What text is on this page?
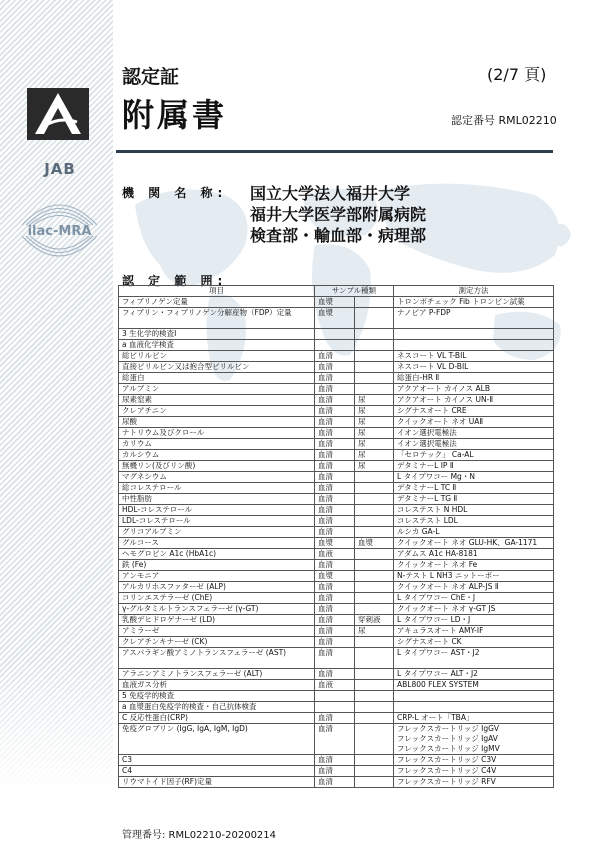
JAB
ilac-MRA
認定証	(2/7 頁)
附属書	認定番号 RML02210
機 関 名 称: 国立大学法人福井大学
福井大学医学部附属病院
検査部・輸血部・病理部
認 定 範 囲:
項目	サンプル種類		測定方法
フィブリノゲン定量	血漿		トロンボチェック Fib トロンビン試薬
フィブリン・フィブリノゲン分解産物（FDP）定量	血漿		ナノピア P-FDP
3 生化学的検査Ⅰ			
a 血液化学検査			
総ビリルビン	血清		ネスコート VL T-BIL
直接ビリルビン又は抱合型ビリルビン	血清		ネスコート VL D-BIL
総蛋白	血清		総蛋白-HR Ⅱ
アルブミン	血清		アクアオート カイノス ALB
尿素窒素	血清	尿	アクアオート カイノス UN-Ⅱ
クレアチニン	血清	尿	シグナスオート CRE
尿酸	血清	尿	クイックオート ネオ UAⅡ
ナトリウム及びクロール	血清	尿	イオン選択電極法
カリウム	血清	尿	イオン選択電極法
カルシウム	血清	尿	「セロテック」 Ca-AL
無機リン(及びリン酸)	血清	尿	デタミナーL IP Ⅱ
マグネシウム	血清		L タイプワコー Mg・N
総コレステロール	血清		デタミナーL TC Ⅱ
中性脂肪	血清		デタミナーL TG Ⅱ
HDL-コレステロール	血清		コレステスト N HDL
LDL-コレステロール	血清		コレステスト LDL
グリコアルブミン	血清		ルシカ GA-L
グルコース	血漿	血漿	クイックオート ネオ GLU-HK、GA-1171
ヘモグロビン A1c (HbA1c)	血液		アダムス A1c HA-8181
鉄 (Fe)	血清		クイックオート ネオ Fe
アンモニア	血漿		N-テスト L NH3 ニットーボー
アルカリホスファターゼ (ALP)	血清		クイックオート ネオ ALP-JS Ⅱ
コリンエステラーゼ (ChE)	血清		L タイプワコー ChE・J
γ-グルタミルトランスフェラーゼ (γ-GT)	血清		クイックオート ネオ γ-GT JS
乳酸デヒドロゲナーゼ (LD)	血清	穿刺液	L タイプワコー LD・J
アミラーゼ	血清	尿	アキュラスオート AMY-IF
クレアチンキナーゼ (CK)	血清		シグナスオート CK
アスパラギン酸アミノトランスフェラーゼ (AST)	血清		L タイプワコー AST・J2
アラニンアミノトランスフェラーゼ (ALT)	血清		L タイプワコー ALT・J2
血液ガス分析	血液		ABL800 FLEX SYSTEM
5 免疫学的検査			
a 血漿蛋白免疫学的検査・自己抗体検査			
C 反応性蛋白(CRP)	血清		CRP-L オート「TBA」
免疫グロブリン (IgG, IgA, IgM, IgD)	血清		フレックスカートリッジ IgGV
フレックスカートリッジ IgAV
フレックスカートリッジ IgMV

C3	血清		フレックスカートリッジ C3V
C4	血清		フレックスカートリッジ C4V
リウマトイド因子(RF)定量	血清		フレックスカートリッジ RFV
管理番号: RML02210-20200214
